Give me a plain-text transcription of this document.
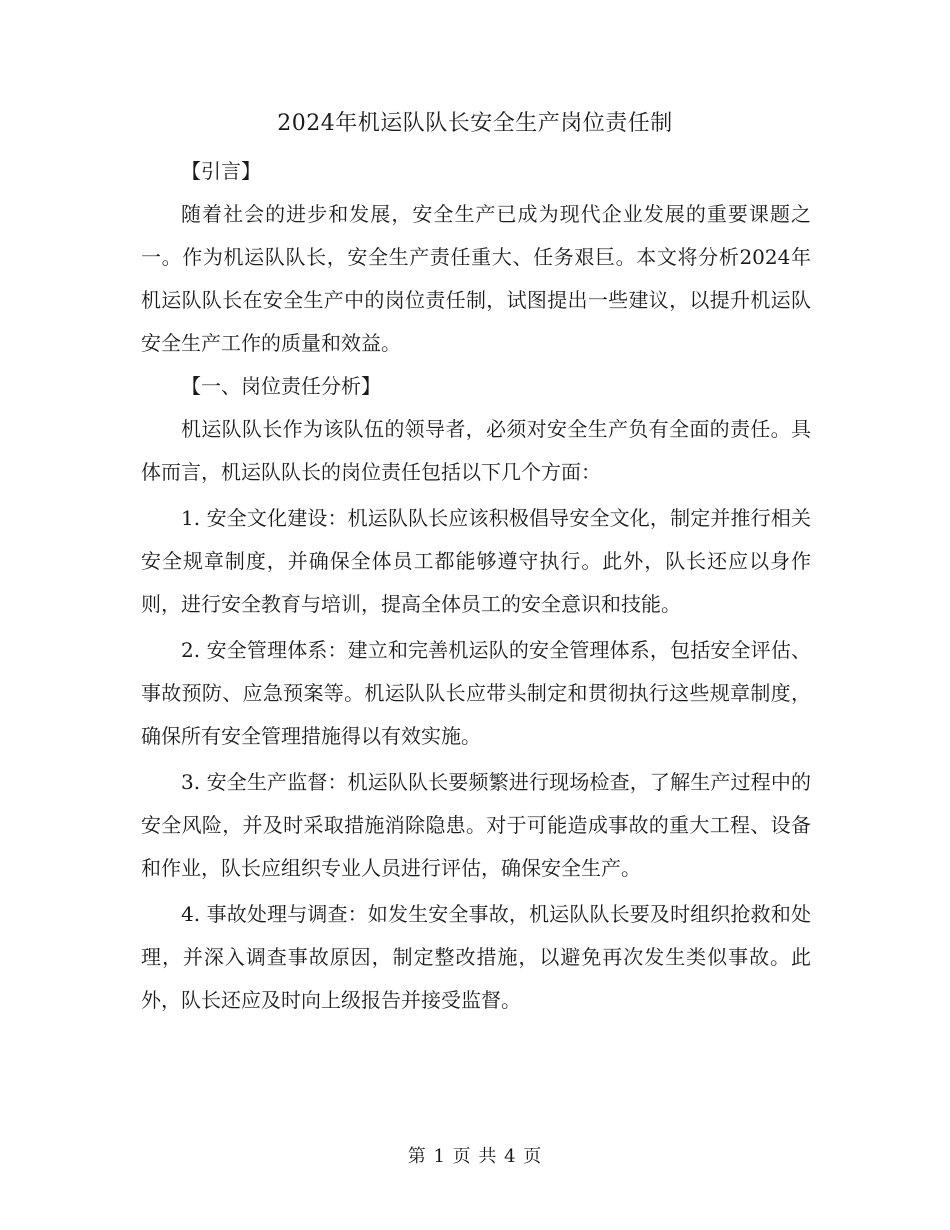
2024年机运队队长安全生产岗位责任制

【引言】

随着社会的进步和发展，安全生产已成为现代企业发展的重要课题之一。作为机运队队长，安全生产责任重大、任务艰巨。本文将分析2024年机运队队长在安全生产中的岗位责任制，试图提出一些建议，以提升机运队安全生产工作的质量和效益。

【一、岗位责任分析】

机运队队长作为该队伍的领导者，必须对安全生产负有全面的责任。具体而言，机运队队长的岗位责任包括以下几个方面：

1. 安全文化建设：机运队队长应该积极倡导安全文化，制定并推行相关安全规章制度，并确保全体员工都能够遵守执行。此外，队长还应以身作则，进行安全教育与培训，提高全体员工的安全意识和技能。

2. 安全管理体系：建立和完善机运队的安全管理体系，包括安全评估、事故预防、应急预案等。机运队队长应带头制定和贯彻执行这些规章制度，确保所有安全管理措施得以有效实施。

3. 安全生产监督：机运队队长要频繁进行现场检查，了解生产过程中的安全风险，并及时采取措施消除隐患。对于可能造成事故的重大工程、设备和作业，队长应组织专业人员进行评估，确保安全生产。

4. 事故处理与调查：如发生安全事故，机运队队长要及时组织抢救和处理，并深入调查事故原因，制定整改措施，以避免再次发生类似事故。此外，队长还应及时向上级报告并接受监督。

第 1 页 共 4 页
